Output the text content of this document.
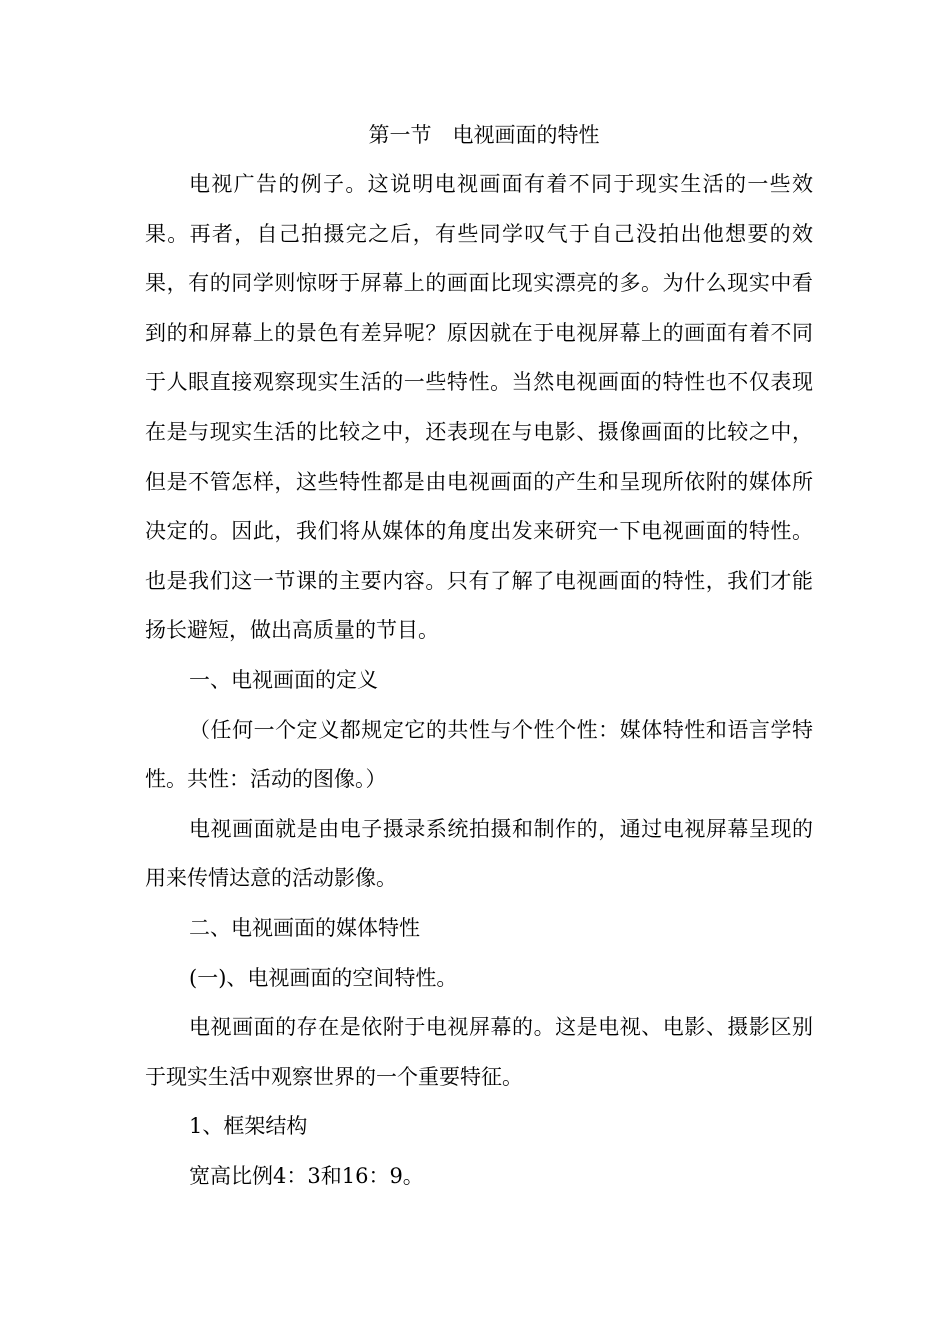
第一节　电视画面的特性

电视广告的例子。这说明电视画面有着不同于现实生活的一些效果。再者，自己拍摄完之后，有些同学叹气于自己没拍出他想要的效果，有的同学则惊呀于屏幕上的画面比现实漂亮的多。为什么现实中看到的和屏幕上的景色有差异呢？原因就在于电视屏幕上的画面有着不同于人眼直接观察现实生活的一些特性。当然电视画面的特性也不仅表现在是与现实生活的比较之中，还表现在与电影、摄像画面的比较之中，但是不管怎样，这些特性都是由电视画面的产生和呈现所依附的媒体所决定的。因此，我们将从媒体的角度出发来研究一下电视画面的特性。也是我们这一节课的主要内容。只有了解了电视画面的特性，我们才能扬长避短，做出高质量的节目。

一、电视画面的定义

（任何一个定义都规定它的共性与个性个性：媒体特性和语言学特性。共性：活动的图像。）

电视画面就是由电子摄录系统拍摄和制作的，通过电视屏幕呈现的用来传情达意的活动影像。

二、电视画面的媒体特性

(一)、电视画面的空间特性。

电视画面的存在是依附于电视屏幕的。这是电视、电影、摄影区别于现实生活中观察世界的一个重要特征。

1、框架结构

宽高比例4：3和16：9。
